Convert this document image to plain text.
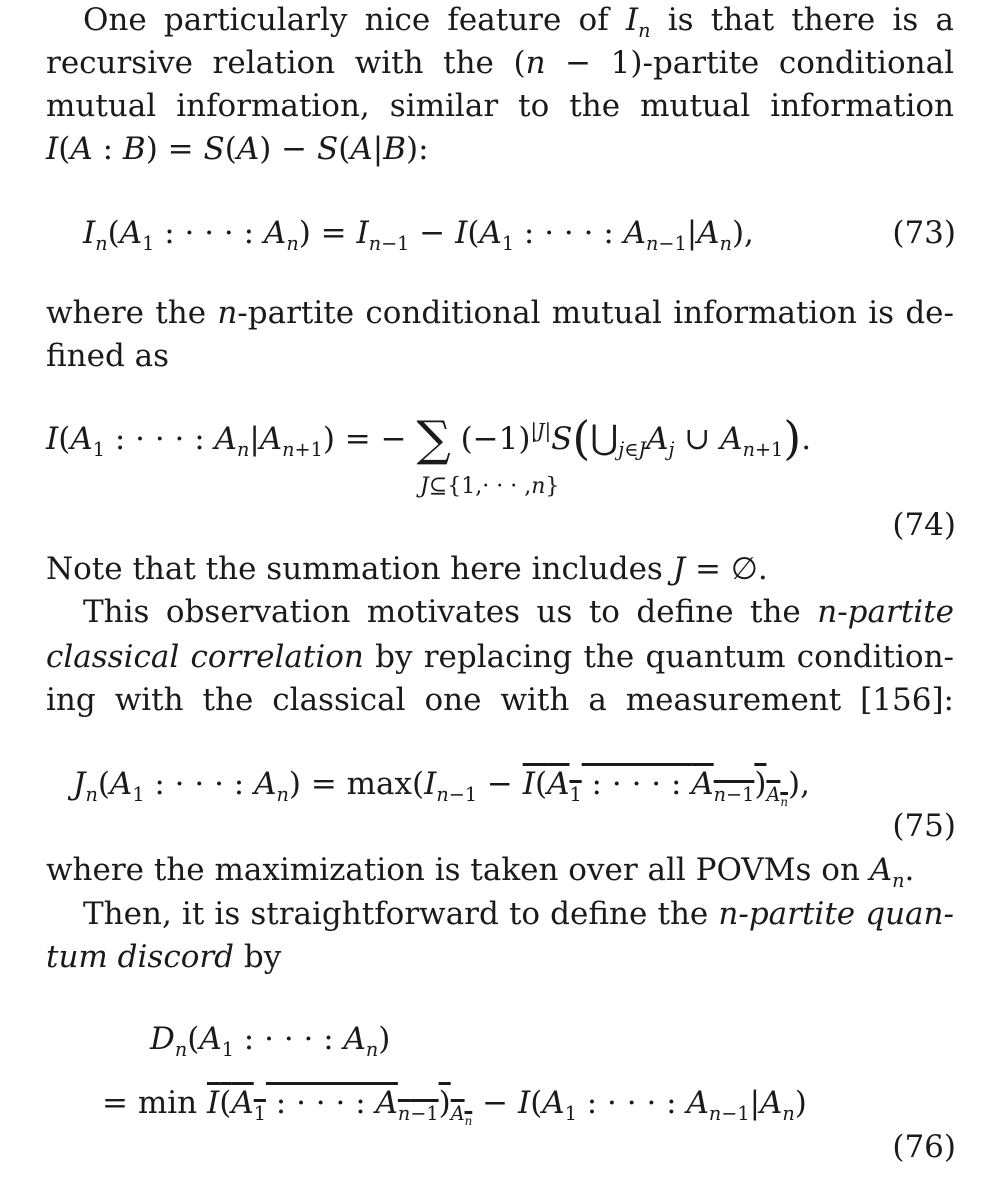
One particularly nice feature of $I_n$ is that there is a
recursive relation with the (n − 1)-partite conditional
mutual information, similar to the mutual information
I(A : B) = S(A) − S(A|B):
$I_n(A_1$ : · · · : $A_n) = I_{n-1} - I(A_1$ : · · · : $A_{n-1}|A_n$),	(73)
where the n-partite conditional mutual information is de-
fined as
$I(A_1$ : · · · : $A_n|A_{n+1}$) = − ∑ $(-1)^{|J|}S(⋃_{j\in J}A_j$ ∪ $A_{n+1}$).
J⊆{1,· · · ,n}
(74)
Note that the summation here includes J = ∅.
This observation motivates us to define the n-partite
classical correlation by replacing the quantum condition-
ing with the classical one with a measurement [156]:
$J_n(A_1$ : · · · : $A_n) = \max(I_{n-1} - I(A_1$ : · · · : $A_{n-1})_{A_n}$),
(75)
where the maximization is taken over all POVMs on $A_n$.
Then, it is straightforward to define the n-partite quan-
tum discord by
$D_n(A_1$ : · · · : $A_n$)
= $\min I(A_1$ : · · · : $A_{n-1})_{A_n} - I(A_1$ : · · · : $A_{n-1}|A_n$)
(76)
